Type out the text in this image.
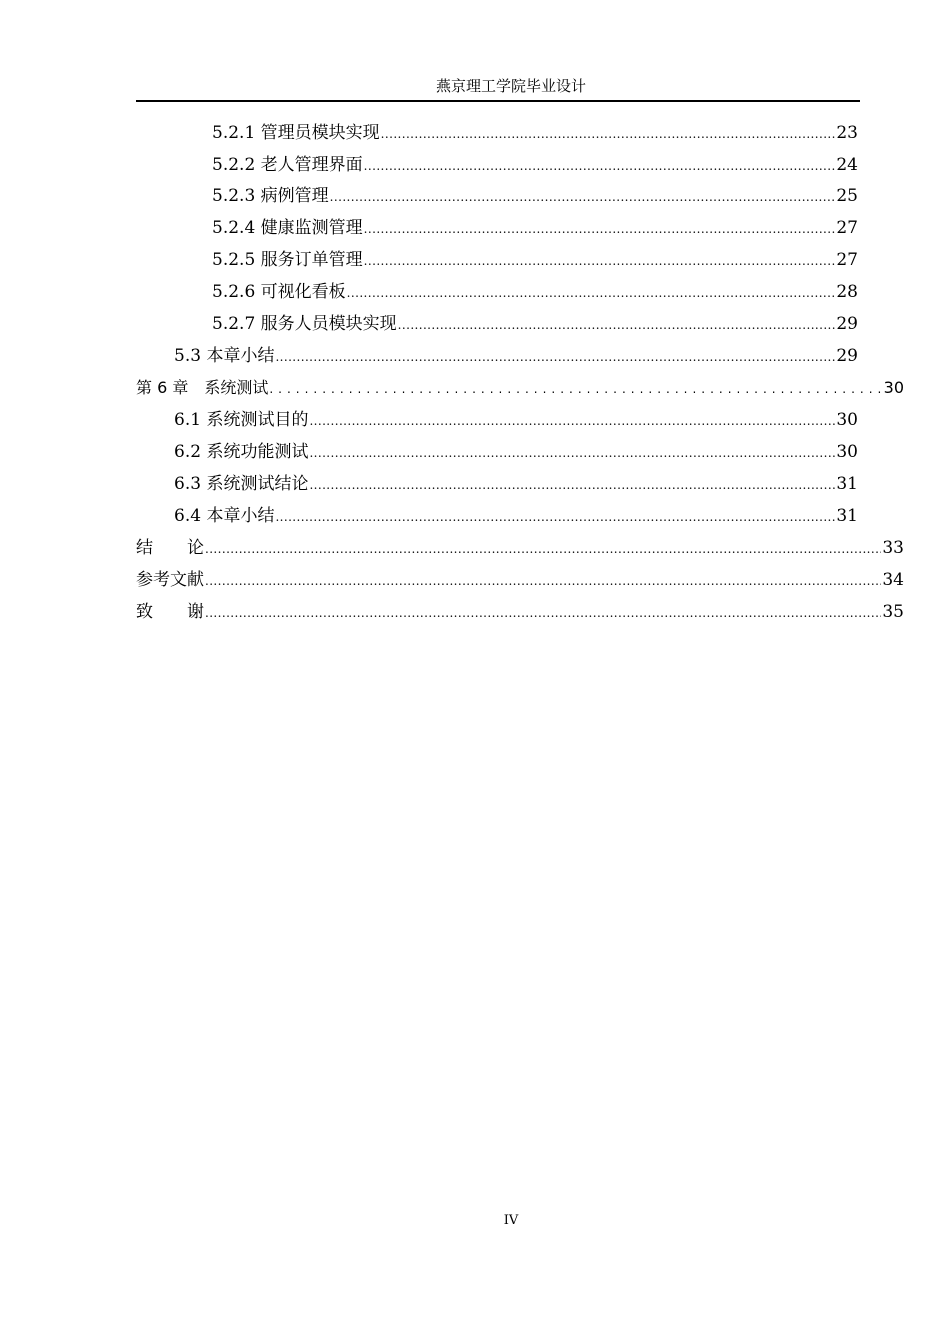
燕京理工学院毕业设计
5.2.1 管理员模块实现 .....	23
5.2.2 老人管理界面 .....	24
5.2.3 病例管理 .....	25
5.2.4 健康监测管理 .....	27
5.2.5 服务订单管理 .....	27
5.2.6 可视化看板 .....	28
5.2.7 服务人员模块实现 .....	29
5.3 本章小结 .....	29
第 6 章　系统测试 .....	30
6.1 系统测试目的 .....	30
6.2 系统功能测试 .....	30
6.3 系统测试结论 .....	31
6.4 本章小结 .....	31
结　　论 .....	33
参考文献 .....	34
致　　谢 .....	35
IV
